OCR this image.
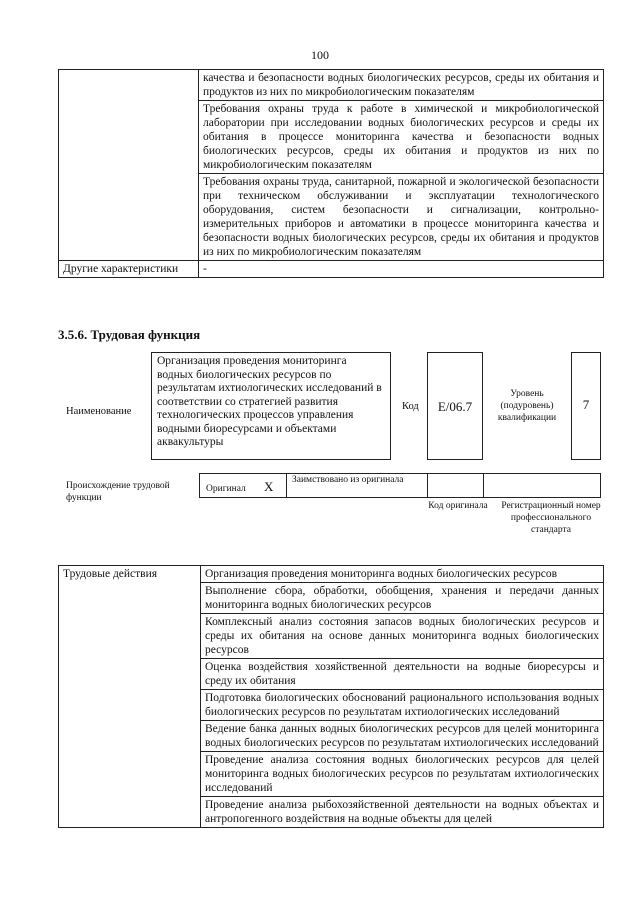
100
	качества и безопасности водных биологических ресурсов, среды их обитания и продуктов из них по микробиологическим показателям
	Требования охраны труда к работе в химической и микробиологической лаборатории при исследовании водных биологических ресурсов и среды их обитания в процессе мониторинга качества и безопасности водных биологических ресурсов, среды их обитания и продуктов из них по микробиологическим показателям
	Требования охраны труда, санитарной, пожарной и экологической безопасности при техническом обслуживании и эксплуатации технологического оборудования, систем безопасности и сигнализации, контрольно-измерительных приборов и автоматики в процессе мониторинга качества и безопасности водных биологических ресурсов, среды их обитания и продуктов из них по микробиологическим показателям
Другие характеристики	-
3.5.6. Трудовая функция
Наименование
Организация проведения мониторинга водных биологических ресурсов по результатам ихтиологических исследований в соответствии со стратегией развития технологических процессов управления водными биоресурсами и объектами аквакультуры
Код	E/06.7
Уровень (подуровень) квалификации
7
Происхождение трудовой функции
Оригинал X Заимствовано из оригинала
Код оригинала Регистрационный номер профессионального стандарта
Трудовые действия	Организация проведения мониторинга водных биологических ресурсов
Выполнение сбора, обработки, обобщения, хранения и передачи данных мониторинга водных биологических ресурсов
Комплексный анализ состояния запасов водных биологических ресурсов и среды их обитания на основе данных мониторинга водных биологических ресурсов
Оценка воздействия хозяйственной деятельности на водные биоресурсы и среду их обитания
Подготовка биологических обоснований рационального использования водных биологических ресурсов по результатам ихтиологических исследований
Ведение банка данных водных биологических ресурсов для целей мониторинга водных биологических ресурсов по результатам ихтиологических исследований
Проведение анализа состояния водных биологических ресурсов для целей мониторинга водных биологических ресурсов по результатам ихтиологических исследований
Проведение анализа рыбохозяйственной деятельности на водных объектах и антропогенного воздействия на водные объекты для целей
